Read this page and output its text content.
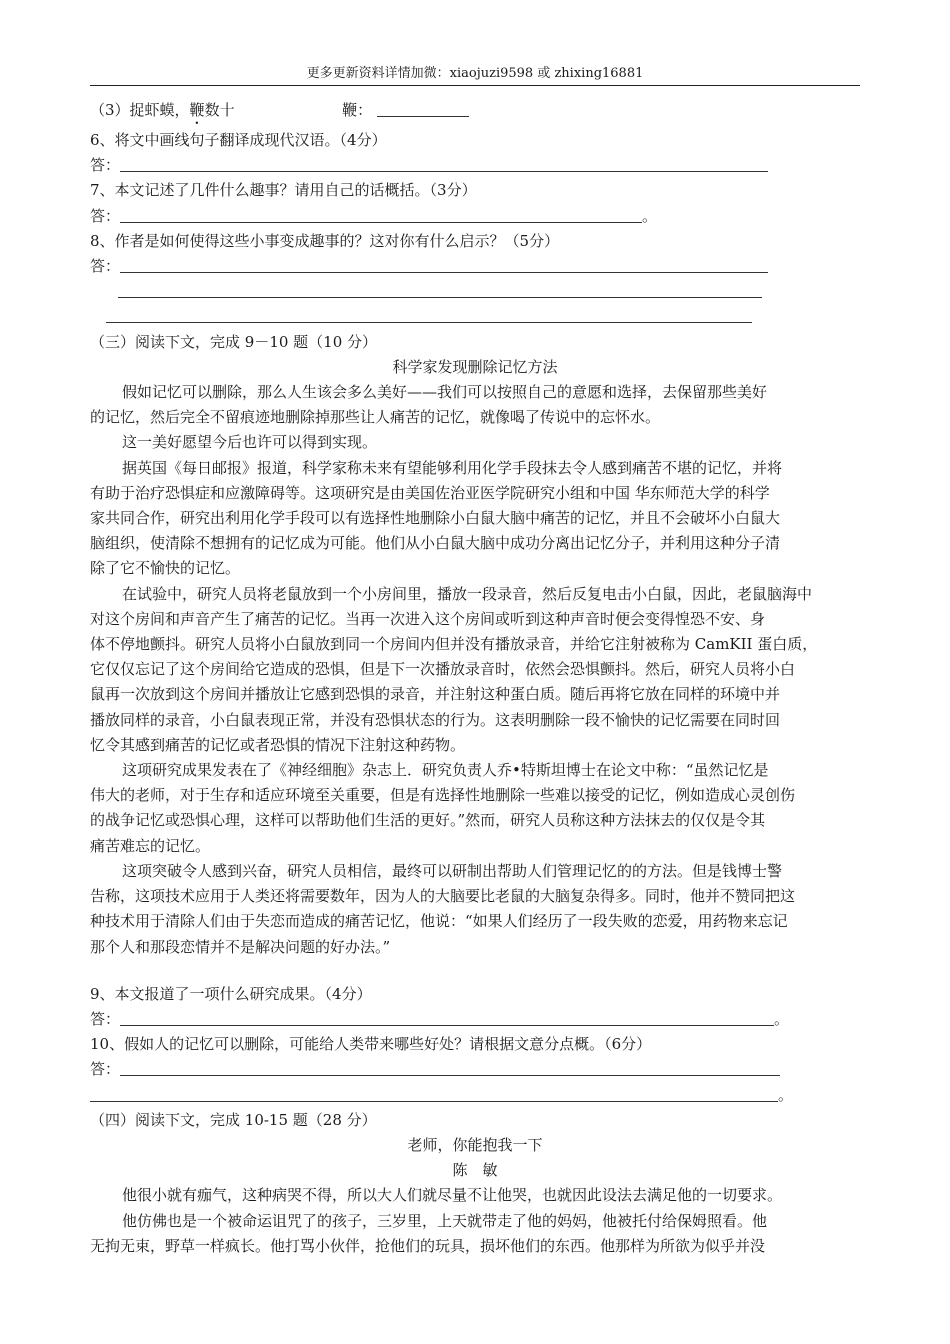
更多更新资料详情加微：xiaojuzi9598 或 zhixing16881
（3）捉虾蟆，鞭数十	鞭：
6、将文中画线句子翻译成现代汉语。（4分）
答：
7、本文记述了几件什么趣事？请用自己的话概括。（3分）
答：	。
8、作者是如何使得这些小事变成趣事的？这对你有什么启示？（5分）
答：
（三）阅读下文，完成 9－10 题（10 分）
科学家发现删除记忆方法
假如记忆可以删除，那么人生该会多么美好——我们可以按照自己的意愿和选择，去保留那些美好
的记忆，然后完全不留痕迹地删除掉那些让人痛苦的记忆，就像喝了传说中的忘怀水。
这一美好愿望今后也许可以得到实现。
据英国《每日邮报》报道，科学家称未来有望能够利用化学手段抹去令人感到痛苦不堪的记忆，并将
有助于治疗恐惧症和应激障碍等。这项研究是由美国佐治亚医学院研究小组和中国 华东师范大学的科学
家共同合作，研究出利用化学手段可以有选择性地删除小白鼠大脑中痛苦的记忆，并且不会破坏小白鼠大
脑组织，使清除不想拥有的记忆成为可能。他们从小白鼠大脑中成功分离出记忆分子，并利用这种分子清
除了它不愉快的记忆。
在试验中，研究人员将老鼠放到一个小房间里，播放一段录音，然后反复电击小白鼠，因此，老鼠脑海中
对这个房间和声音产生了痛苦的记忆。当再一次进入这个房间或听到这种声音时便会变得惶恐不安、身
体不停地颤抖。研究人员将小白鼠放到同一个房间内但并没有播放录音，并给它注射被称为 CamKII 蛋白质，
它仅仅忘记了这个房间给它造成的恐惧，但是下一次播放录音时，依然会恐惧颤抖。然后，研究人员将小白
鼠再一次放到这个房间并播放让它感到恐惧的录音，并注射这种蛋白质。随后再将它放在同样的环境中并
播放同样的录音，小白鼠表现正常，并没有恐惧状态的行为。这表明删除一段不愉快的记忆需要在同时回
忆令其感到痛苦的记忆或者恐惧的情况下注射这种药物。
这项研究成果发表在了《神经细胞》杂志上．研究负责人乔•特斯坦博士在论文中称：“虽然记忆是
伟大的老师，对于生存和适应环境至关重要，但是有选择性地删除一些难以接受的记忆，例如造成心灵创伤
的战争记忆或恐惧心理，这样可以帮助他们生活的更好。”然而，研究人员称这种方法抹去的仅仅是令其
痛苦难忘的记忆。
这项突破令人感到兴奋，研究人员相信，最终可以研制出帮助人们管理记忆的的方法。但是钱博士警
告称，这项技术应用于人类还将需要数年，因为人的大脑要比老鼠的大脑复杂得多。同时，他并不赞同把这
种技术用于清除人们由于失恋而造成的痛苦记忆，他说：“如果人们经历了一段失败的恋爱，用药物来忘记
那个人和那段恋情并不是解决问题的好办法。”
9、本文报道了一项什么研究成果。（4分）
答：	。
10、假如人的记忆可以删除，可能给人类带来哪些好处？请根据文意分点概。（6分）
答：
。
（四）阅读下文，完成 10-15 题（28 分）
老师，你能抱我一下
陈　敏
他很小就有痂气，这种病哭不得，所以大人们就尽量不让他哭，也就因此设法去满足他的一切要求。
他仿佛也是一个被命运诅咒了的孩子，三岁里，上天就带走了他的妈妈，他被托付给保姆照看。他
无拘无束，野草一样疯长。他打骂小伙伴，抢他们的玩具，损坏他们的东西。他那样为所欲为似乎并没
